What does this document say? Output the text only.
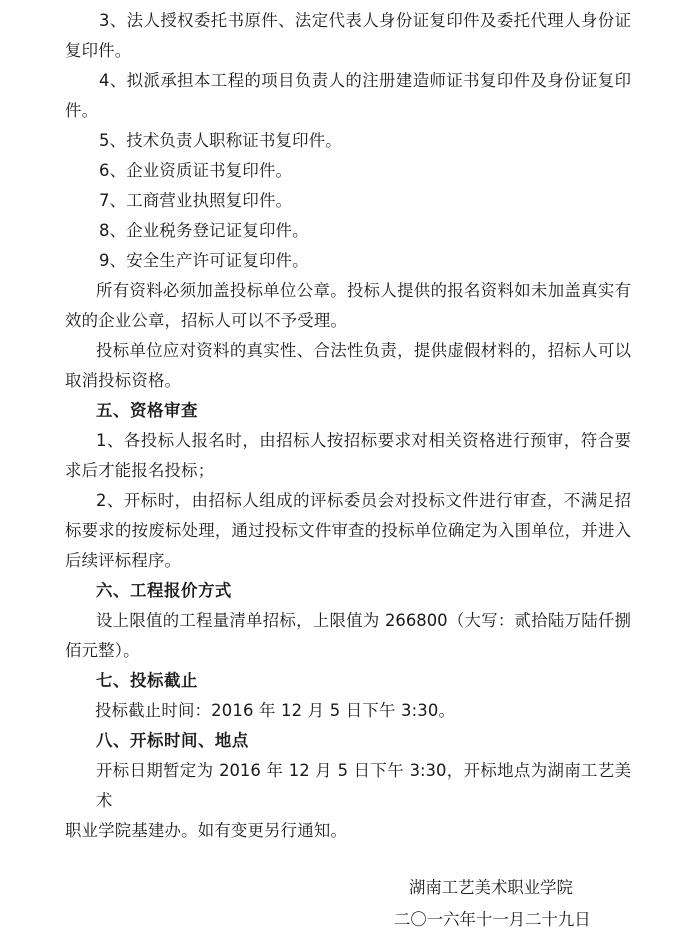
3、法人授权委托书原件、法定代表人身份证复印件及委托代理人身份证
复印件。
4、拟派承担本工程的项目负责人的注册建造师证书复印件及身份证复印
件。
5、技术负责人职称证书复印件。
6、企业资质证书复印件。
7、工商营业执照复印件。
8、企业税务登记证复印件。
9、安全生产许可证复印件。
所有资料必须加盖投标单位公章。投标人提供的报名资料如未加盖真实有
效的企业公章，招标人可以不予受理。
投标单位应对资料的真实性、合法性负责，提供虚假材料的，招标人可以
取消投标资格。
五、资格审查
1、各投标人报名时，由招标人按招标要求对相关资格进行预审，符合要
求后才能报名投标；
2、开标时，由招标人组成的评标委员会对投标文件进行审查，不满足招
标要求的按废标处理，通过投标文件审查的投标单位确定为入围单位，并进入
后续评标程序。
六、工程报价方式
设上限值的工程量清单招标，上限值为 266800（大写：贰拾陆万陆仟捌
佰元整）。
七、投标截止
投标截止时间：2016 年 12 月 5 日下午 3:30。
八、开标时间、地点
开标日期暂定为 2016 年 12 月 5 日下午 3:30，开标地点为湖南工艺美术
职业学院基建办。如有变更另行通知。
湖南工艺美术职业学院
二〇一六年十一月二十九日
